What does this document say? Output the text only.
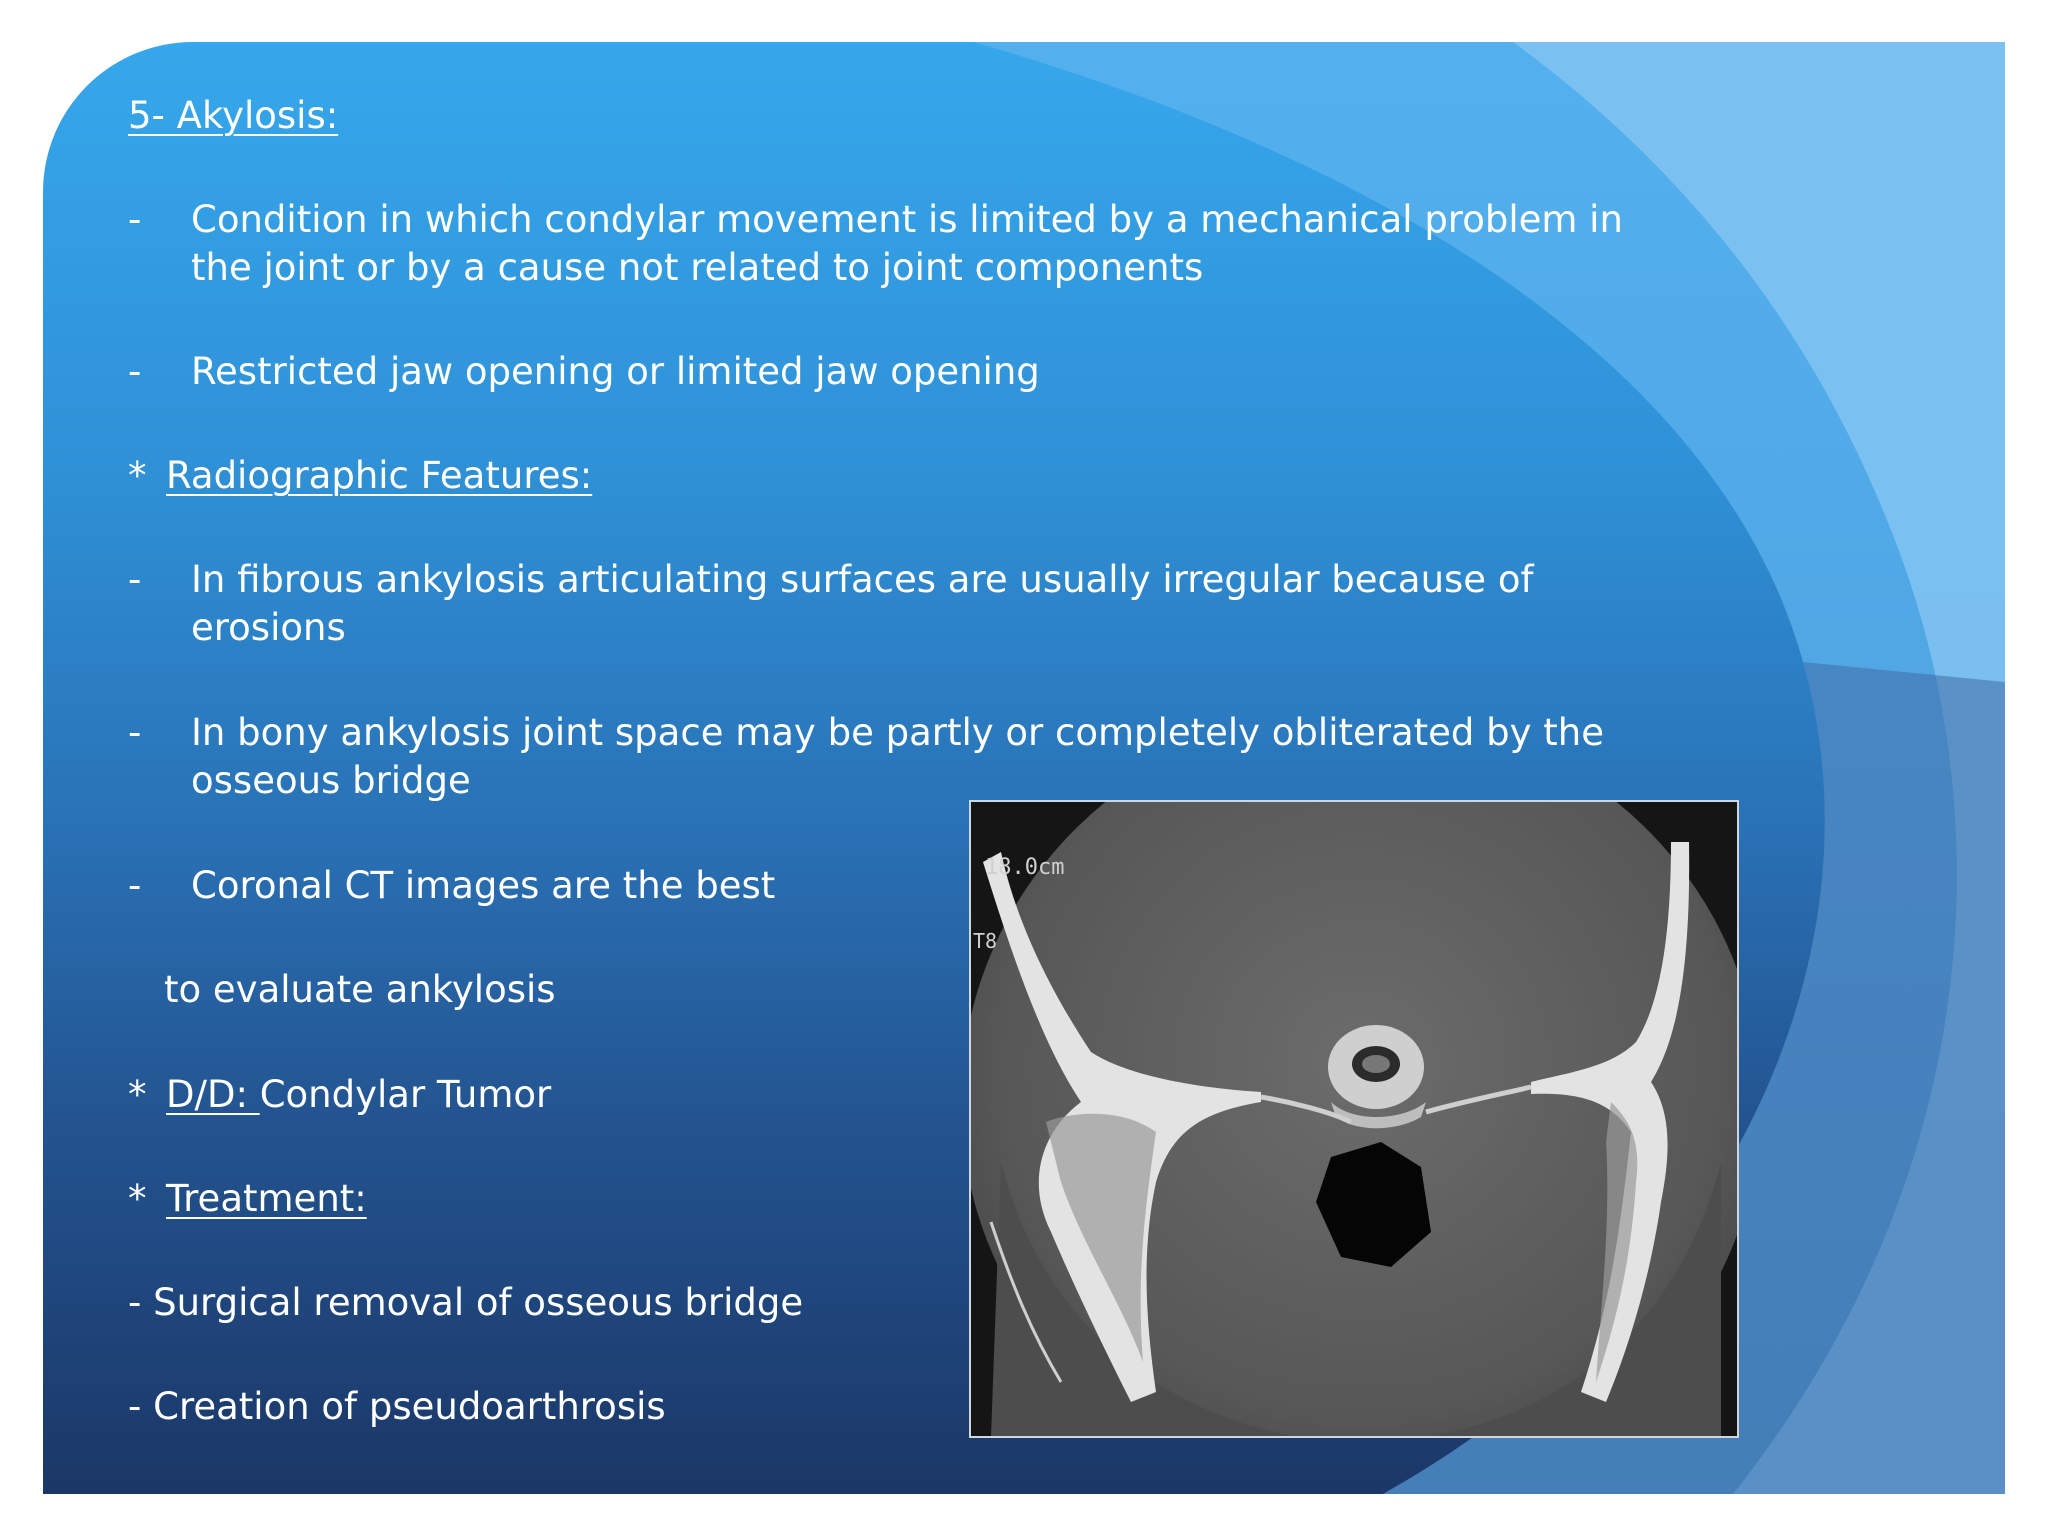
5- Akylosis:
- Condition in which condylar movement is limited by a mechanical problem in
the joint or by a cause not related to joint components
- Restricted jaw opening or limited jaw opening
* Radiographic Features:
- In fibrous ankylosis articulating surfaces are usually irregular because of
erosions
- In bony ankylosis joint space may be partly or completely obliterated by the
osseous bridge
- Coronal CT images are the best
to evaluate ankylosis
* D/D: Condylar Tumor
* Treatment:
- Surgical removal of osseous bridge
- Creation of pseudoarthrosis
18.0cm
T8
